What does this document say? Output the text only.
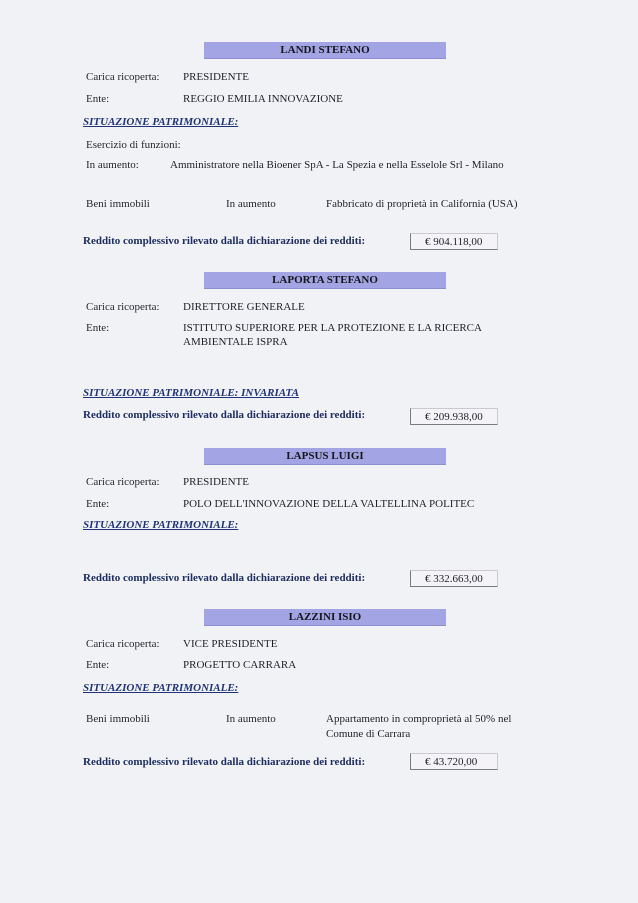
LANDI STEFANO
Carica ricoperta: PRESIDENTE
Ente:	REGGIO EMILIA INNOVAZIONE
SITUAZIONE PATRIMONIALE:
Esercizio di funzioni:
In aumento:	Amministratore nella Bioener SpA - La Spezia e nella Esselole Srl - Milano
Beni immobili	In aumento	Fabbricato di proprietà in California (USA)
Reddito complessivo rilevato dalla dichiarazione dei redditi:	€ 904.118,00
LAPORTA STEFANO
Carica ricoperta: DIRETTORE GENERALE
Ente:	ISTITUTO SUPERIORE PER LA PROTEZIONE E LA RICERCA
AMBIENTALE ISPRA
SITUAZIONE PATRIMONIALE: INVARIATA
Reddito complessivo rilevato dalla dichiarazione dei redditi:	€ 209.938,00
LAPSUS LUIGI
Carica ricoperta: PRESIDENTE
Ente:	POLO DELL'INNOVAZIONE DELLA VALTELLINA POLITEC
SITUAZIONE PATRIMONIALE:
Reddito complessivo rilevato dalla dichiarazione dei redditi:	€ 332.663,00
LAZZINI ISIO
Carica ricoperta: VICE PRESIDENTE
Ente:	PROGETTO CARRARA
SITUAZIONE PATRIMONIALE:
Beni immobili	In aumento	Appartamento in comproprietà al 50% nel
Comune di Carrara
Reddito complessivo rilevato dalla dichiarazione dei redditi:	€ 43.720,00
